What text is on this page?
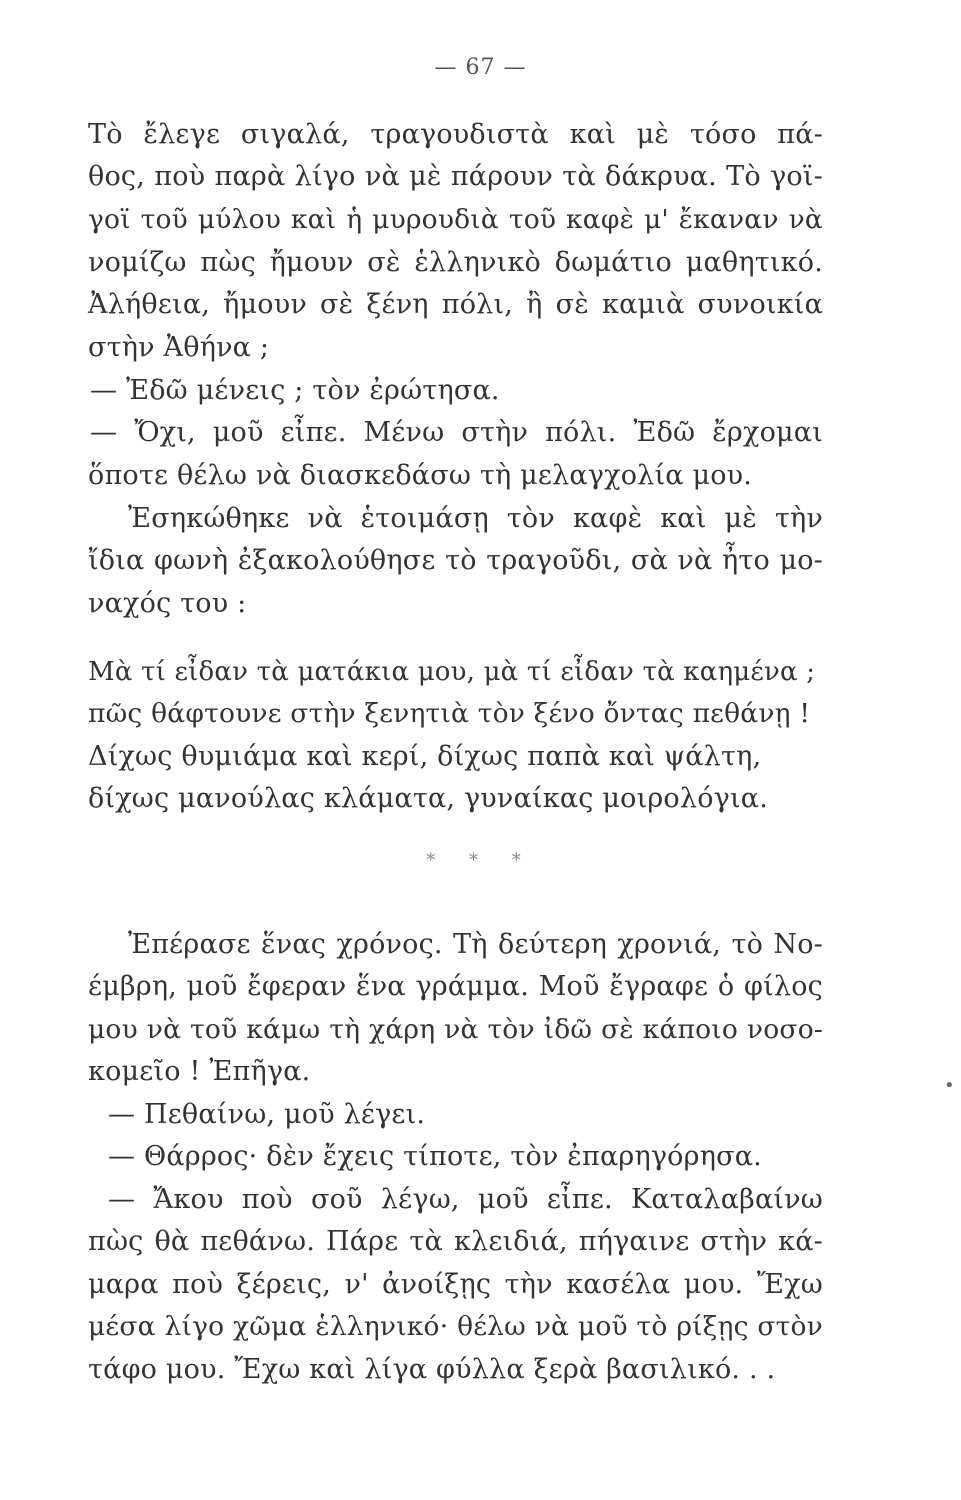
— 67 —
Τὸ ἔλεγε σιγαλά, τραγουδιστὰ καὶ μὲ τόσο πά-
θος, ποὺ παρὰ λίγο νὰ μὲ πάρουν τὰ δάκρυα. Τὸ γοϊ-
γοϊ τοῦ μύλου καὶ ἡ μυρουδιὰ τοῦ καφὲ μ' ἔκαναν νὰ
νομίζω πὼς ἤμουν σὲ ἑλληνικὸ δωμάτιο μαθητικό.
Ἀλήθεια, ἤμουν σὲ ξένη πόλι, ἢ σὲ καμιὰ συνοικία
στὴν Ἀθήνα ;
— Ἐδῶ μένεις ; τὸν ἐρώτησα.
— Ὄχι, μοῦ εἶπε. Μένω στὴν πόλι. Ἐδῶ ἔρχομαι
ὅποτε θέλω νὰ διασκεδάσω τὴ μελαγχολία μου.
Ἐσηκώθηκε νὰ ἑτοιμάσῃ τὸν καφὲ καὶ μὲ τὴν
ἴδια φωνὴ ἐξακολούθησε τὸ τραγοῦδι, σὰ νὰ ἦτο μο-
ναχός του :
Μὰ τί εἶδαν τὰ ματάκια μου, μὰ τί εἶδαν τὰ καημένα ;
πῶς θάφτουνε στὴν ξενητιὰ τὸν ξένο ὄντας πεθάνῃ !
Δίχως θυμιάμα καὶ κερί, δίχως παπὰ καὶ ψάλτη,
δίχως μανούλας κλάματα, γυναίκας μοιρολόγια.
* * *
Ἐπέρασε ἕνας χρόνος. Τὴ δεύτερη χρονιά, τὸ Νο-
έμβρη, μοῦ ἔφεραν ἕνα γράμμα. Μοῦ ἔγραφε ὁ φίλος
μου νὰ τοῦ κάμω τὴ χάρη νὰ τὸν ἰδῶ σὲ κάποιο νοσο-
κομεῖο ! Ἐπῆγα.
— Πεθαίνω, μοῦ λέγει.
— Θάρρος· δὲν ἔχεις τίποτε, τὸν ἐπαρηγόρησα.
— Ἄκου ποὺ σοῦ λέγω, μοῦ εἶπε. Καταλαβαίνω
πὼς θὰ πεθάνω. Πάρε τὰ κλειδιά, πήγαινε στὴν κά-
μαρα ποὺ ξέρεις, ν' ἀνοίξῃς τὴν κασέλα μου. Ἔχω
μέσα λίγο χῶμα ἑλληνικό· θέλω νὰ μοῦ τὸ ρίξῃς στὸν
τάφο μου. Ἔχω καὶ λίγα φύλλα ξερὰ βασιλικό. . .
•
